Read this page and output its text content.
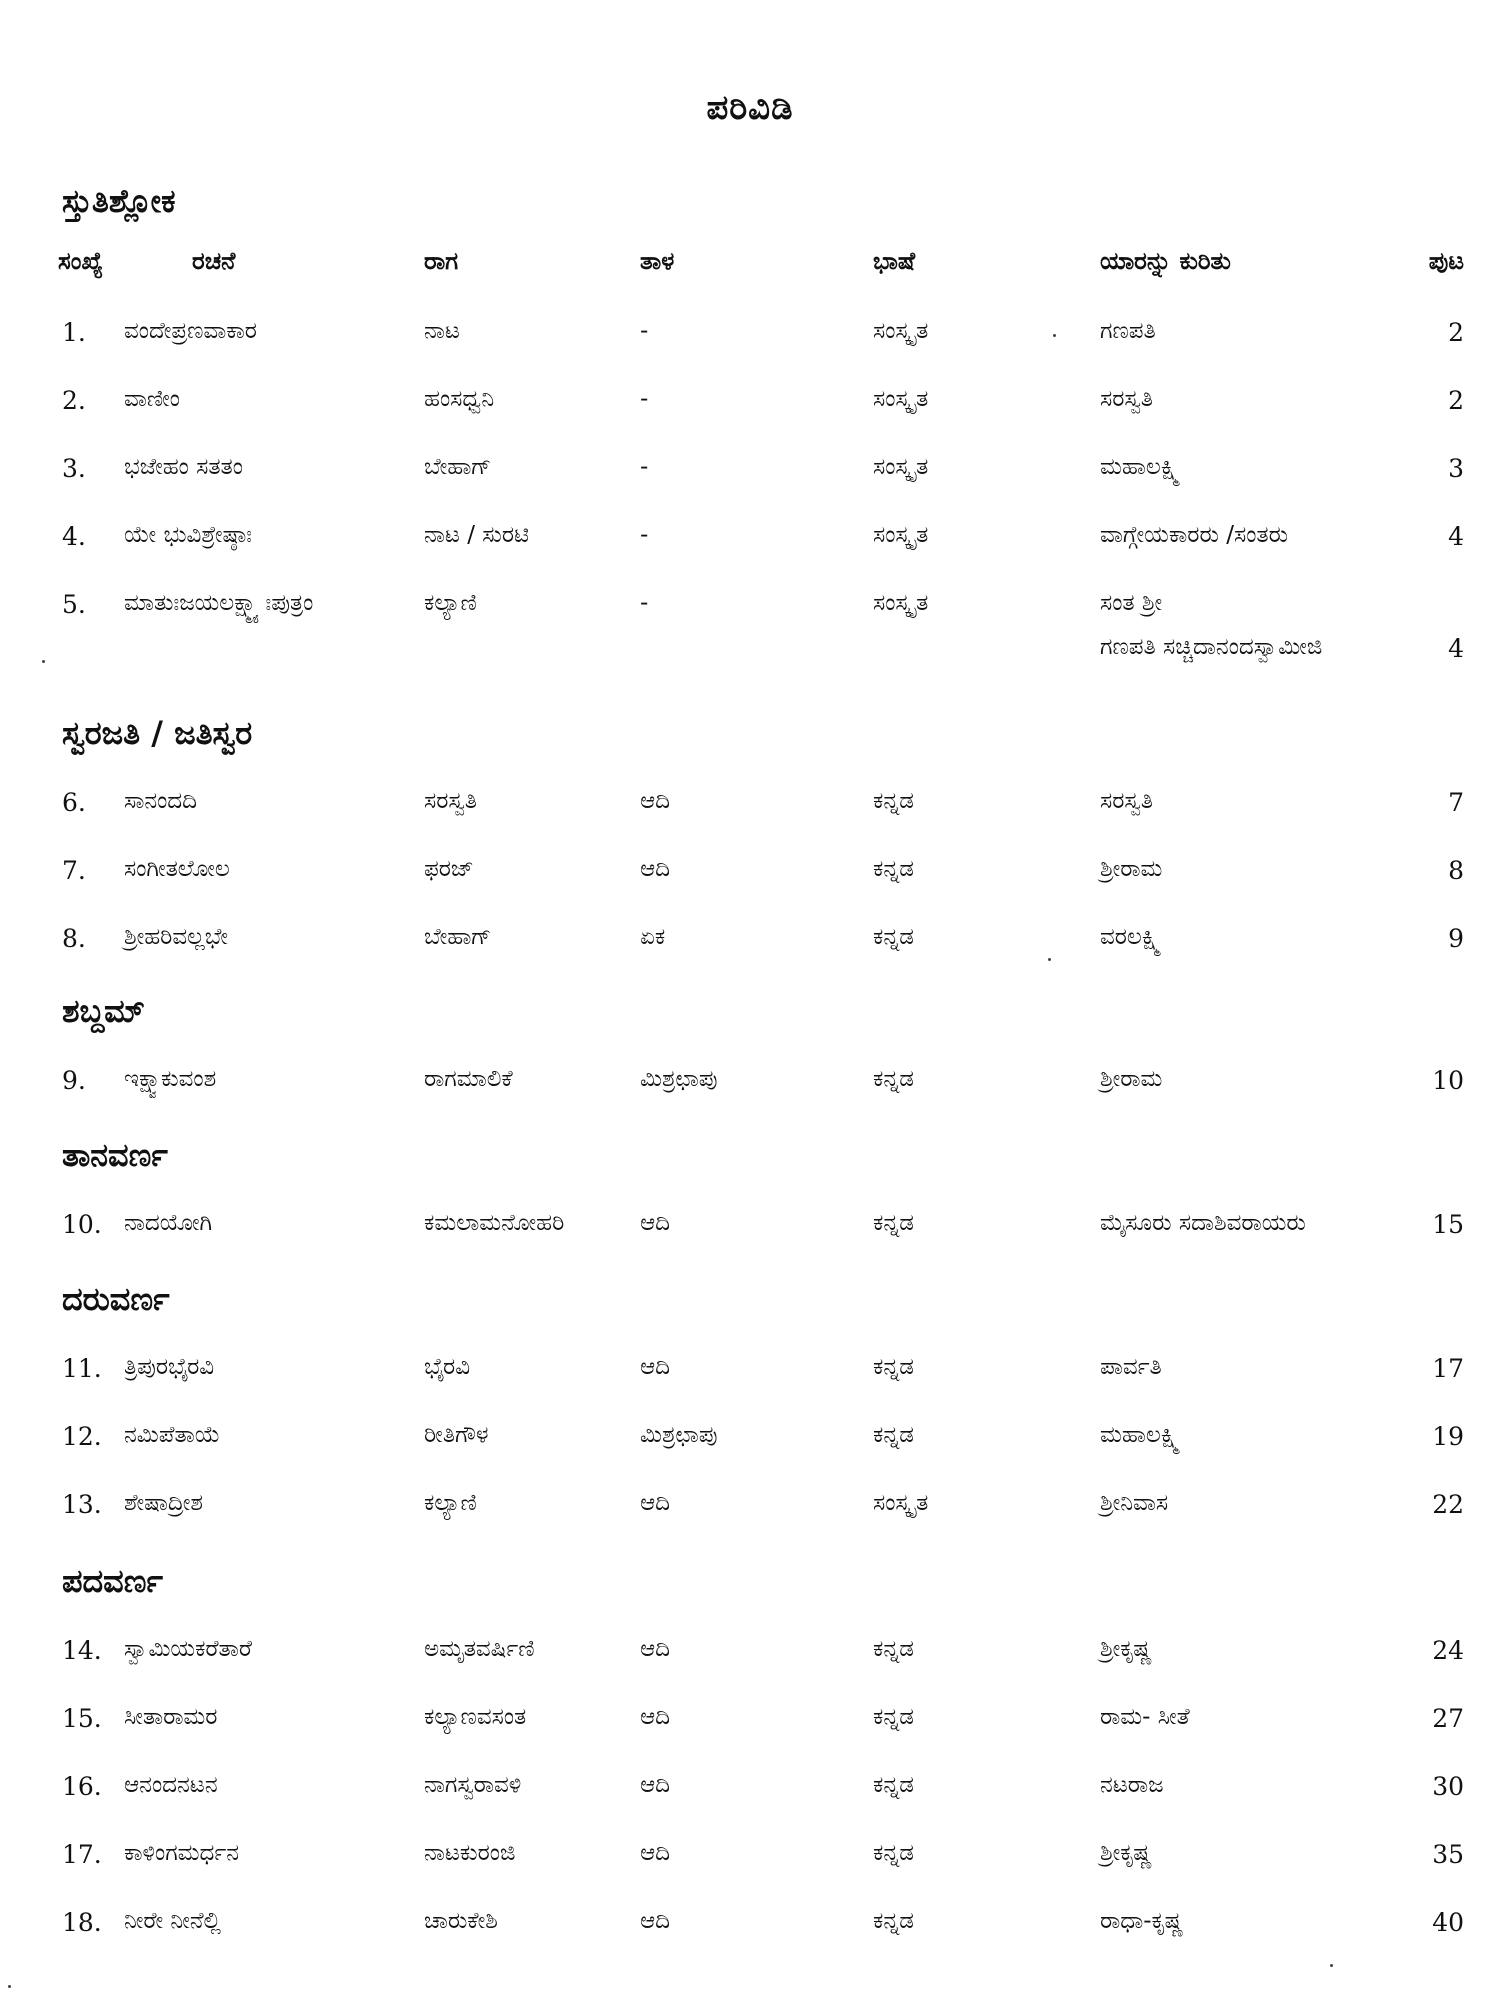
ಪರಿವಿಡಿ
ಸಂಖ್ಯೆ	ರಚನೆ	ರಾಗ	ತಾಳ	ಭಾಷೆ	ಯಾರನ್ನು ಕುರಿತು	ಪುಟ
ಸ್ತುತಿಶ್ಲೋಕ
1. ವಂದೇಪ್ರಣವಾಕಾರ	ನಾಟ	-	ಸಂಸ್ಕೃತ	ಗಣಪತಿ	2
2. ವಾಣೀಂ	ಹಂಸಧ್ವನಿ	-	ಸಂಸ್ಕೃತ	ಸರಸ್ವತಿ	2
3. ಭಜೇಹಂ ಸತತಂ	ಬೇಹಾಗ್	-	ಸಂಸ್ಕೃತ	ಮಹಾಲಕ್ಷ್ಮಿ	3
4. ಯೇ ಭುವಿಶ್ರೇಷ್ಠಾಃ	ನಾಟ / ಸುರಟಿ	-	ಸಂಸ್ಕೃತ	ವಾಗ್ಗೇಯಕಾರರು /ಸಂತರು	4
5. ಮಾತುಃಜಯಲಕ್ಷ್ಮ್ಯಾಃಪುತ್ರಂ	ಕಲ್ಯಾಣಿ	-	ಸಂಸ್ಕೃತ	ಸಂತ ಶ್ರೀ
ಗಣಪತಿ ಸಚ್ಚಿದಾನಂದಸ್ವಾಮೀಜಿ	4
ಸ್ವರಜತಿ / ಜತಿಸ್ವರ
6. ಸಾನಂದದಿ	ಸರಸ್ವತಿ	ಆದಿ	ಕನ್ನಡ	ಸರಸ್ವತಿ	7
7. ಸಂಗೀತಲೋಲ	ಫರಜ್	ಆದಿ	ಕನ್ನಡ	ಶ್ರೀರಾಮ	8
8. ಶ್ರೀಹರಿವಲ್ಲಭೇ	ಬೇಹಾಗ್	ಏಕ	ಕನ್ನಡ	ವರಲಕ್ಷ್ಮಿ	9
ಶಬ್ದಮ್
9. ಇಕ್ಷ್ವಾಕುವಂಶ	ರಾಗಮಾಲಿಕೆ	ಮಿಶ್ರಛಾಪು	ಕನ್ನಡ	ಶ್ರೀರಾಮ	10
ತಾನವರ್ಣ
10. ನಾದಯೋಗಿ	ಕಮಲಾಮನೋಹರಿ	ಆದಿ	ಕನ್ನಡ	ಮೈಸೂರು ಸದಾಶಿವರಾಯರು	15
ದರುವರ್ಣ
11. ತ್ರಿಪುರಭೈರವಿ	ಭೈರವಿ	ಆದಿ	ಕನ್ನಡ	ಪಾರ್ವತಿ	17
12. ನಮಿಪೆತಾಯೆ	ರೀತಿಗೌಳ	ಮಿಶ್ರಛಾಪು	ಕನ್ನಡ	ಮಹಾಲಕ್ಷ್ಮಿ	19
13. ಶೇಷಾದ್ರೀಶ	ಕಲ್ಯಾಣಿ	ಆದಿ	ಸಂಸ್ಕೃತ	ಶ್ರೀನಿವಾಸ	22
ಪದವರ್ಣ
14. ಸ್ವಾಮಿಯಕರೆತಾರೆ	ಅಮೃತವರ್ಷಿಣಿ	ಆದಿ	ಕನ್ನಡ	ಶ್ರೀಕೃಷ್ಣ	24
15. ಸೀತಾರಾಮರ	ಕಲ್ಯಾಣವಸಂತ	ಆದಿ	ಕನ್ನಡ	ರಾಮ- ಸೀತೆ	27
16. ಆನಂದನಟನ	ನಾಗಸ್ವರಾವಳಿ	ಆದಿ	ಕನ್ನಡ	ನಟರಾಜ	30
17. ಕಾಳಿಂಗಮರ್ಧನ	ನಾಟಕುರಂಜಿ	ಆದಿ	ಕನ್ನಡ	ಶ್ರೀಕೃಷ್ಣ	35
18. ನೀರೇ ನೀನೆಲ್ಲಿ	ಚಾರುಕೇಶಿ	ಆದಿ	ಕನ್ನಡ	ರಾಧಾ-ಕೃಷ್ಣ	40
